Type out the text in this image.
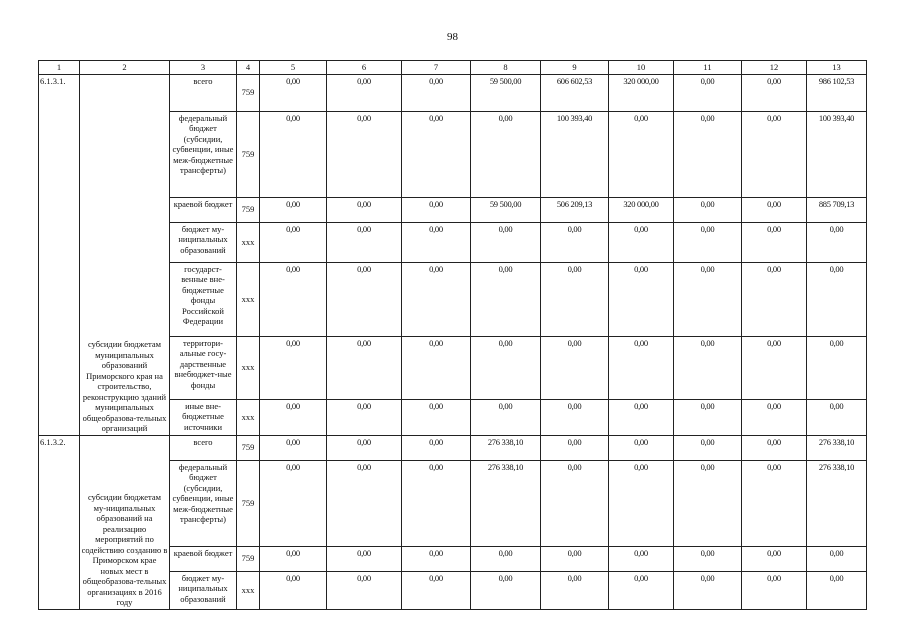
98
1	2	3	4	5	6	7	8	9	10	11	12	13
6.1.3.1.	субсидии бюджетам муниципальных образований Приморского края на строительство, реконструкцию зданий муниципальных общеобразова-тельных организаций	всего	759	0,00	0,00	0,00	59 500,00	606 602,53	320 000,00	0,00	0,00	986 102,53
		федеральный бюджет (субсидии, субвенции, иные меж-бюджетные трансферты)	759	0,00	0,00	0,00	0,00	100 393,40	0,00	0,00	0,00	100 393,40
		краевой бюджет	759	0,00	0,00	0,00	59 500,00	506 209,13	320 000,00	0,00	0,00	885 709,13
		бюджет му-ниципальных образований	ххх	0,00	0,00	0,00	0,00	0,00	0,00	0,00	0,00	0,00
		государст-венные вне-бюджетные фонды Российской Федерации	ххх	0,00	0,00	0,00	0,00	0,00	0,00	0,00	0,00	0,00
		территори-альные госу-дарственные внебюджет-ные фонды	ххх	0,00	0,00	0,00	0,00	0,00	0,00	0,00	0,00	0,00
		иные вне-бюджетные источники	ххх	0,00	0,00	0,00	0,00	0,00	0,00	0,00	0,00	0,00
6.1.3.2.	субсидии бюджетам му-ниципальных образований на реализацию мероприятий по содействию созданию в Приморском крае новых мест в общеобразова-тельных организациях в 2016 году	всего	759	0,00	0,00	0,00	276 338,10	0,00	0,00	0,00	0,00	276 338,10
		федеральный бюджет (субсидии, субвенции, иные меж-бюджетные трансферты)	759	0,00	0,00	0,00	276 338,10	0,00	0,00	0,00	0,00	276 338,10
		краевой бюджет	759	0,00	0,00	0,00	0,00	0,00	0,00	0,00	0,00	0,00
		бюджет му-ниципальных образований	ххх	0,00	0,00	0,00	0,00	0,00	0,00	0,00	0,00	0,00
